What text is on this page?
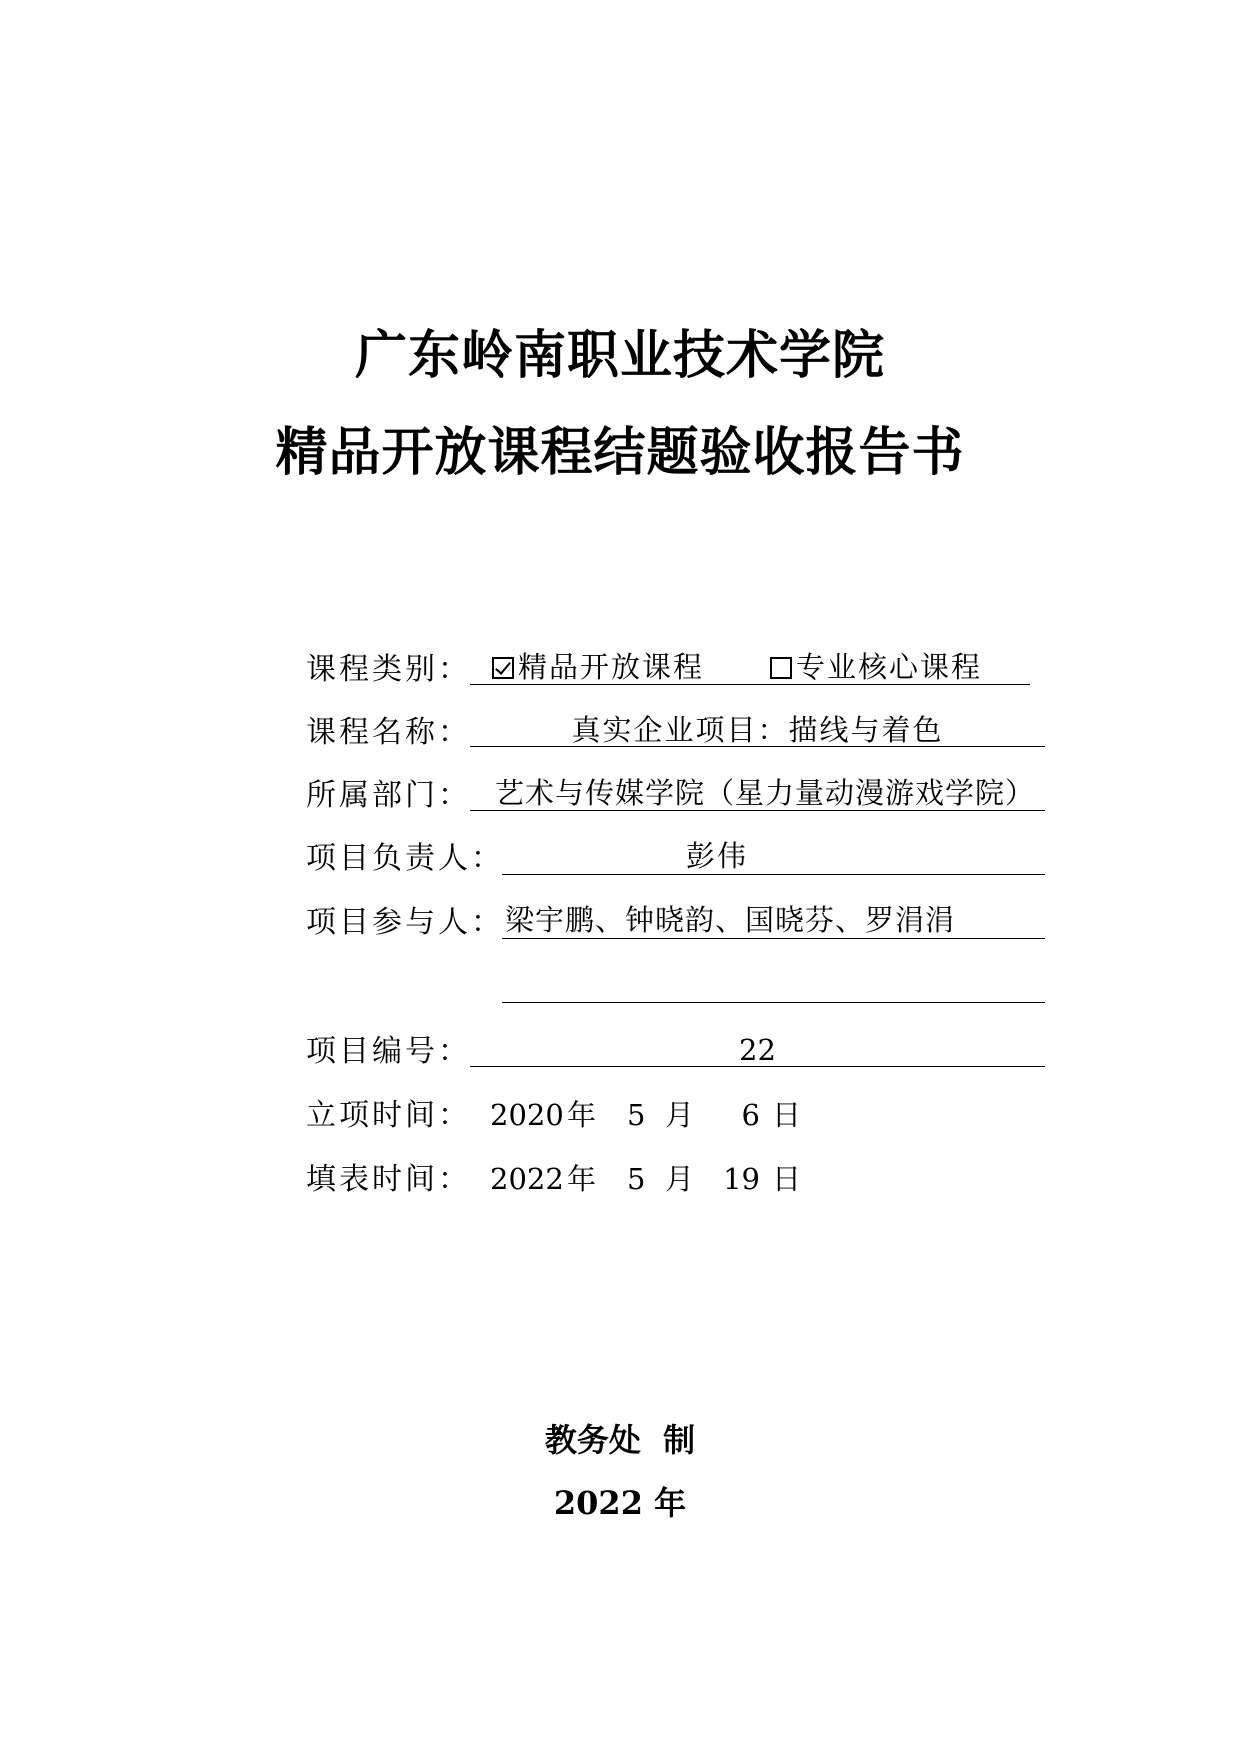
广东岭南职业技术学院
精品开放课程结题验收报告书
课程类别： 精品开放课程	专业核心课程
课程名称：	真实企业项目：描线与着色
所属部门： 艺术与传媒学院（星力量动漫游戏学院）
项目负责人：	彭伟
项目参与人： 梁宇鹏、钟晓韵、国晓芬、罗涓涓
项目编号：	22
立项时间： 2020 年 5 月 6 日
填表时间： 2022 年 5 月 19 日
教务处  制
2022 年
